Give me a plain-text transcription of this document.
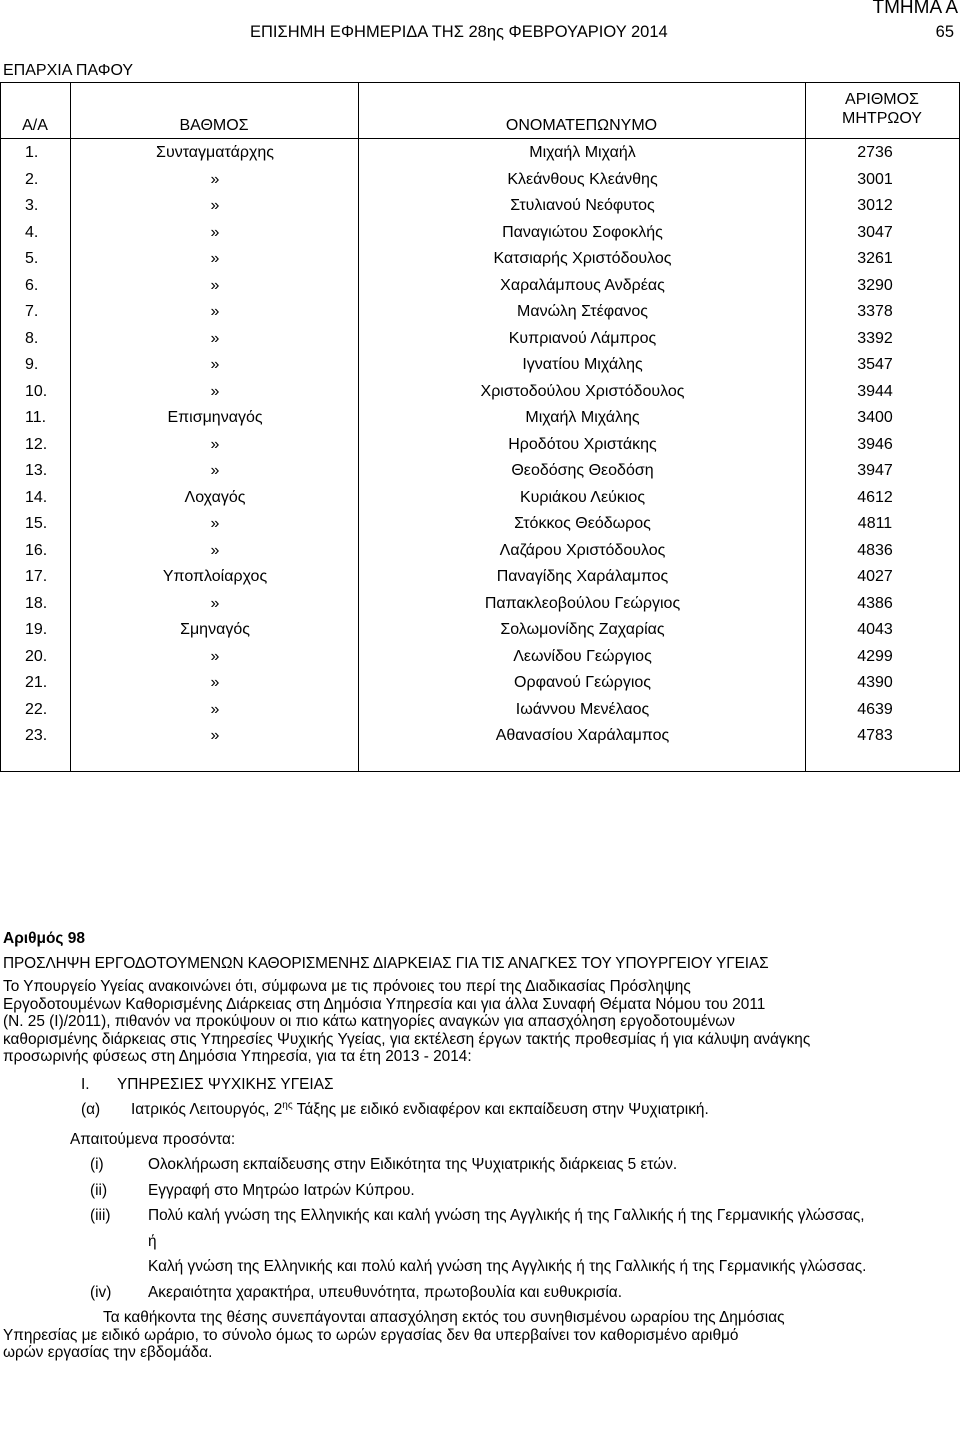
ΤΜΗΜΑ Α
ΕΠΙΣΗΜΗ ΕΦΗΜΕΡΙΔΑ ΤΗΣ 28ης ΦΕΒΡΟΥΑΡΙΟΥ 2014	65
ΕΠΑΡΧΙΑ ΠΑΦΟΥ
Α/Α	ΒΑΘΜΟΣ	ΟΝΟΜΑΤΕΠΩΝΥΜΟ
ΑΡΙΘΜΟΣ
ΜΗΤΡΩΟΥ
1.	Συνταγματάρχης	Μιχαήλ Μιχαήλ	2736
2.	»	Κλεάνθους Κλεάνθης	3001
3.	»	Στυλιανού Νεόφυτος	3012
4.	»	Παναγιώτου Σοφοκλής	3047
5.	»	Κατσιαρής Χριστόδουλος	3261
6.	»	Χαραλάμπους Ανδρέας	3290
7.	»	Μανώλη Στέφανος	3378
8.	»	Κυπριανού Λάμπρος	3392
9.	»	Ιγνατίου Μιχάλης	3547
10.	»	Χριστοδούλου Χριστόδουλος	3944
11.	Επισμηναγός	Μιχαήλ Μιχάλης	3400
12.	»	Ηροδότου Χριστάκης	3946
13.	»	Θεοδόσης Θεοδόση	3947
14.	Λοχαγός	Κυριάκου Λεύκιος	4612
15.	»	Στόκκος Θεόδωρος	4811
16.	»	Λαζάρου Χριστόδουλος	4836
17.	Υποπλοίαρχος	Παναγίδης Χαράλαμπος	4027
18.	»	Παπακλεοβούλου Γεώργιος	4386
19.	Σμηναγός	Σολωμονίδης Ζαχαρίας	4043
20.	»	Λεωνίδου Γεώργιος	4299
21.	»	Ορφανού Γεώργιος	4390
22.	»	Ιωάννου Μενέλαος	4639
23.	»	Αθανασίου Χαράλαμπος	4783
Αριθμός 98
ΠΡΟΣΛΗΨΗ ΕΡΓΟΔΟΤΟΥΜΕΝΩΝ ΚΑΘΟΡΙΣΜΕΝΗΣ ΔΙΑΡΚΕΙΑΣ ΓΙΑ ΤΙΣ ΑΝΑΓΚΕΣ ΤΟΥ ΥΠΟΥΡΓΕΙΟΥ ΥΓΕΙΑΣ
Το Υπουργείο Υγείας ανακοινώνει ότι, σύμφωνα με τις πρόνοιες του περί της Διαδικασίας Πρόσληψης
Εργοδοτουμένων Καθορισμένης Διάρκειας στη Δημόσια Υπηρεσία και για άλλα Συναφή Θέματα Νόμου του 2011
(Ν. 25 (Ι)/2011), πιθανόν να προκύψουν οι πιο κάτω κατηγορίες αναγκών για απασχόληση εργοδοτουμένων
καθορισμένης διάρκειας στις Υπηρεσίες Ψυχικής Υγείας, για εκτέλεση έργων τακτής προθεσμίας ή για κάλυψη ανάγκης
προσωρινής φύσεως στη Δημόσια Υπηρεσία, για τα έτη 2013 - 2014:
Ι.	ΥΠΗΡΕΣΙΕΣ ΨΥΧΙΚΗΣ ΥΓΕΙΑΣ
(α)	Ιατρικός Λειτουργός, $2^{\eta\varsigma}$ Τάξης με ειδικό ενδιαφέρον και εκπαίδευση στην Ψυχιατρική.
Απαιτούμενα προσόντα:
(i)	Ολοκλήρωση εκπαίδευσης στην Ειδικότητα της Ψυχιατρικής διάρκειας 5 ετών.
(ii)	Εγγραφή στο Μητρώο Ιατρών Κύπρου.
(iii)	Πολύ καλή γνώση της Ελληνικής και καλή γνώση της Αγγλικής ή της Γαλλικής ή της Γερμανικής γλώσσας,
ή
Καλή γνώση της Ελληνικής και πολύ καλή γνώση της Αγγλικής ή της Γαλλικής ή της Γερμανικής γλώσσας.
(iv)	Ακεραιότητα χαρακτήρα, υπευθυνότητα, πρωτοβουλία και ευθυκρισία.
Τα καθήκοντα της θέσης συνεπάγονται απασχόληση εκτός του συνηθισμένου ωραρίου της Δημόσιας
Υπηρεσίας με ειδικό ωράριο, το σύνολο όμως το ωρών εργασίας δεν θα υπερβαίνει τον καθορισμένο αριθμό
ωρών εργασίας την εβδομάδα.
